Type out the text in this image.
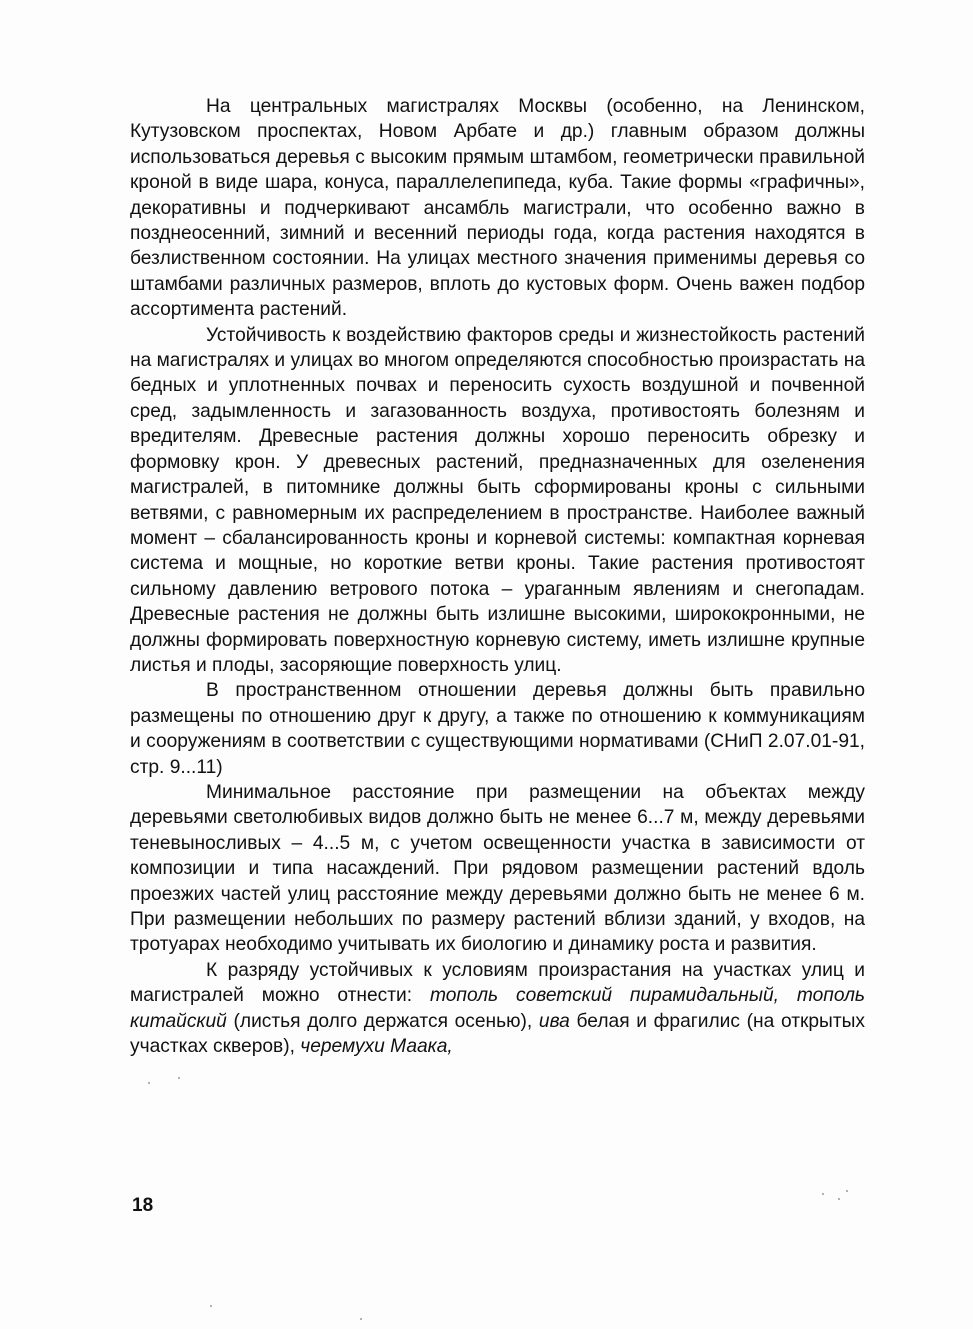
На центральных магистралях Москвы (особенно, на Ленинском, Кутузовском проспектах, Новом Арбате и др.) главным образом должны использоваться деревья с высоким прямым штамбом, геометрически правильной кроной в виде шара, конуса, параллелепипеда, куба. Такие формы «графичны», декоративны и подчеркивают ансамбль магистрали, что особенно важно в позднеосенний, зимний и весенний периоды года, когда растения находятся в безлиственном состоянии. На улицах местного значения применимы деревья со штамбами различных размеров, вплоть до кустовых форм. Очень важен подбор ассортимента растений.

Устойчивость к воздействию факторов среды и жизнестойкость растений на магистралях и улицах во многом определяются способностью произрастать на бедных и уплотненных почвах и переносить сухость воздушной и почвенной сред, задымленность и загазованность воздуха, противостоять болезням и вредителям. Древесные растения должны хорошо переносить обрезку и формовку крон. У древесных растений, предназначенных для озеленения магистралей, в питомнике должны быть сформированы кроны с сильными ветвями, с равномерным их распределением в пространстве. Наиболее важный момент – сбалансированность кроны и корневой системы: компактная корневая система и мощные, но короткие ветви кроны. Такие растения противостоят сильному давлению ветрового потока – ураганным явлениям и снегопадам. Древесные растения не должны быть излишне высокими, ширококронными, не должны формировать поверхностную корневую систему, иметь излишне крупные листья и плоды, засоряющие поверхность улиц.

В пространственном отношении деревья должны быть правильно размещены по отношению друг к другу, а также по отношению к коммуникациям и сооружениям в соответствии с существующими нормативами (СНиП 2.07.01-91, стр. 9...11)

Минимальное расстояние при размещении на объектах между деревьями светолюбивых видов должно быть не менее 6...7 м, между деревьями теневыносливых – 4...5 м, с учетом освещенности участка в зависимости от композиции и типа насаждений. При рядовом размещении растений вдоль проезжих частей улиц расстояние между деревьями должно быть не менее 6 м. При размещении небольших по размеру растений вблизи зданий, у входов, на тротуарах необходимо учитывать их биологию и динамику роста и развития.

К разряду устойчивых к условиям произрастания на участках улиц и магистралей можно отнести: тополь советский пирамидальный, тополь китайский (листья долго держатся осенью), ива белая и фрагилис (на открытых участках скверов), черемухи Маака,

18
